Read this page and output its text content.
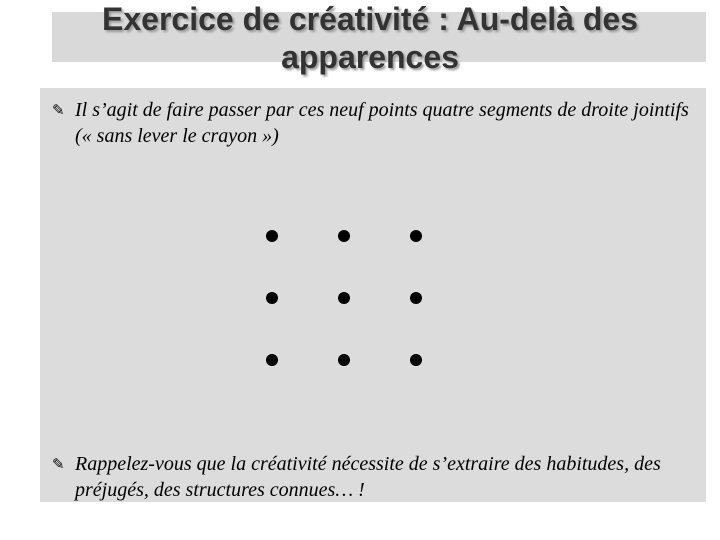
Exercice de créativité : Au-delà des apparences
✎ Il s’agit de faire passer par ces neuf points quatre segments de droite jointifs (« sans lever le crayon »)
✎ Rappelez-vous que la créativité nécessite de s’extraire des habitudes, des préjugés, des structures connues… !
